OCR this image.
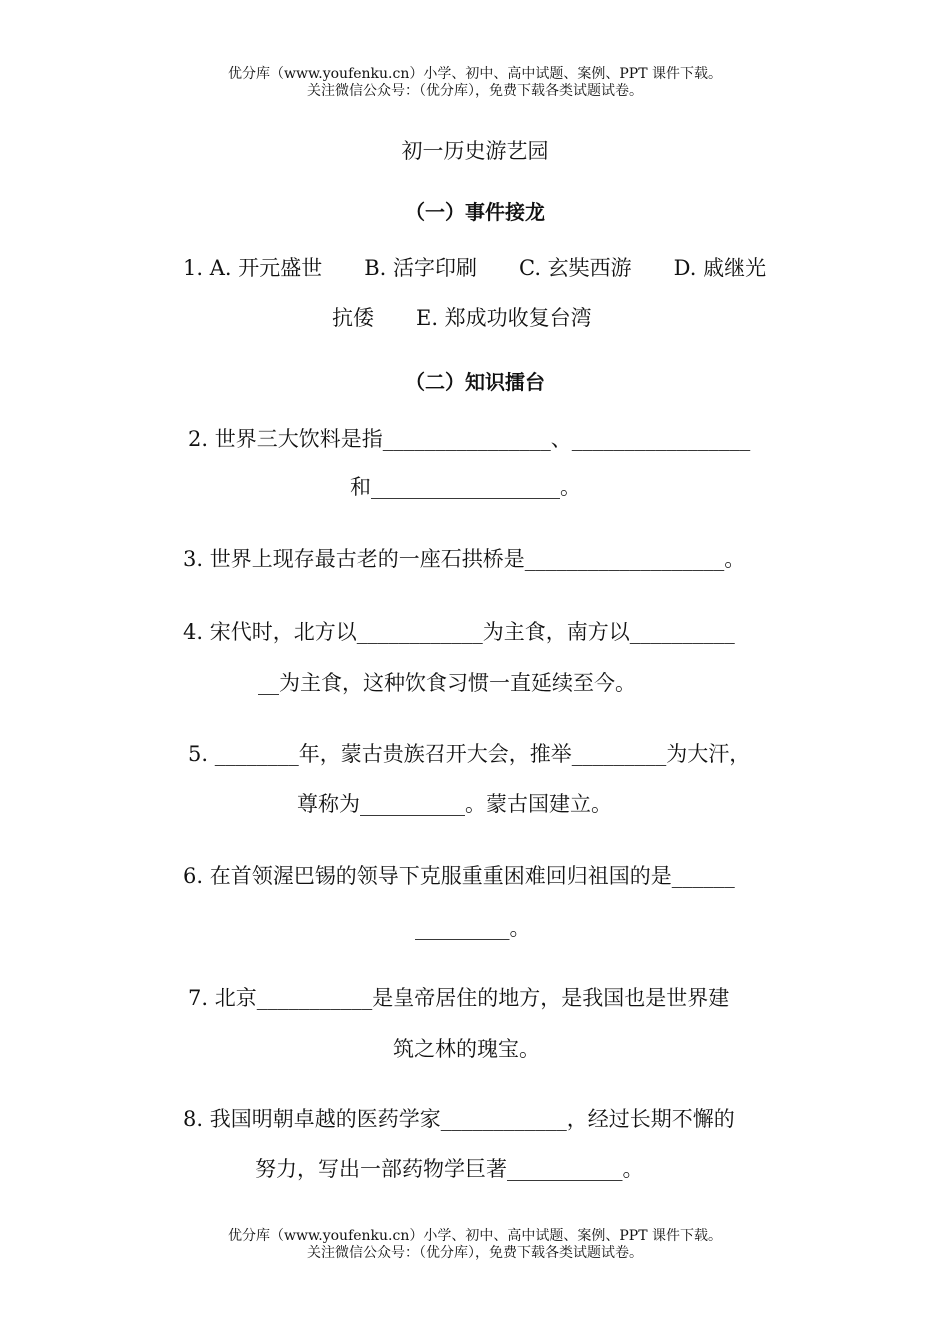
优分库（www.youfenku.cn）小学、初中、高中试题、案例、PPT 课件下载。
关注微信公众号：（优分库），免费下载各类试题试卷。
初一历史游艺园
（一）事件接龙
1. A. 开元盛世　　B. 活字印刷　　C. 玄奘西游　　D. 戚继光
抗倭　　E. 郑成功收复台湾
（二）知识擂台
2. 世界三大饮料是指________________、_________________
和__________________。
3. 世界上现存最古老的一座石拱桥是___________________。
4. 宋代时，北方以____________为主食，南方以__________
__为主食，这种饮食习惯一直延续至今。
5. ________年，蒙古贵族召开大会，推举_________为大汗，
尊称为__________。蒙古国建立。
6. 在首领渥巴锡的领导下克服重重困难回归祖国的是______
_________。
7. 北京___________是皇帝居住的地方，是我国也是世界建
筑之林的瑰宝。
8. 我国明朝卓越的医药学家____________，经过长期不懈的
努力，写出一部药物学巨著___________。
优分库（www.youfenku.cn）小学、初中、高中试题、案例、PPT 课件下载。
关注微信公众号：（优分库），免费下载各类试题试卷。
